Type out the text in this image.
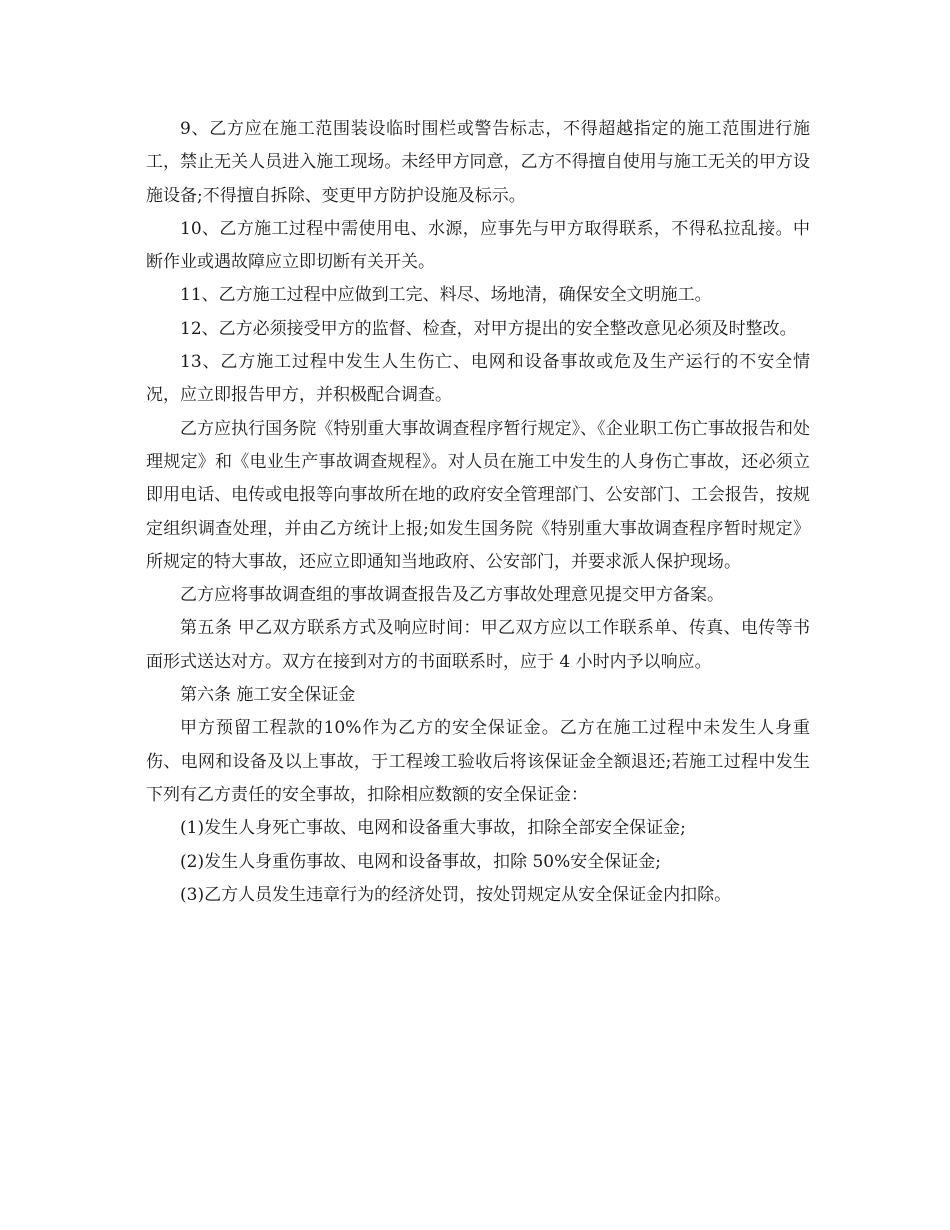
9、乙方应在施工范围装设临时围栏或警告标志，不得超越指定的施工范围进行施工，禁止无关人员进入施工现场。未经甲方同意，乙方不得擅自使用与施工无关的甲方设施设备;不得擅自拆除、变更甲方防护设施及标示。

10、乙方施工过程中需使用电、水源，应事先与甲方取得联系，不得私拉乱接。中断作业或遇故障应立即切断有关开关。

11、乙方施工过程中应做到工完、料尽、场地清，确保安全文明施工。

12、乙方必须接受甲方的监督、检查，对甲方提出的安全整改意见必须及时整改。

13、乙方施工过程中发生人生伤亡、电网和设备事故或危及生产运行的不安全情况，应立即报告甲方，并积极配合调查。

乙方应执行国务院《特别重大事故调查程序暂行规定》、《企业职工伤亡事故报告和处理规定》和《电业生产事故调查规程》。对人员在施工中发生的人身伤亡事故，还必须立即用电话、电传或电报等向事故所在地的政府安全管理部门、公安部门、工会报告，按规定组织调查处理，并由乙方统计上报;如发生国务院《特别重大事故调查程序暂时规定》所规定的特大事故，还应立即通知当地政府、公安部门，并要求派人保护现场。

乙方应将事故调查组的事故调查报告及乙方事故处理意见提交甲方备案。

第五条 甲乙双方联系方式及响应时间：甲乙双方应以工作联系单、传真、电传等书面形式送达对方。双方在接到对方的书面联系时，应于 4 小时内予以响应。

第六条 施工安全保证金

甲方预留工程款的10%作为乙方的安全保证金。乙方在施工过程中未发生人身重伤、电网和设备及以上事故，于工程竣工验收后将该保证金全额退还;若施工过程中发生下列有乙方责任的安全事故，扣除相应数额的安全保证金：

(1)发生人身死亡事故、电网和设备重大事故，扣除全部安全保证金;

(2)发生人身重伤事故、电网和设备事故，扣除 50%安全保证金;

(3)乙方人员发生违章行为的经济处罚，按处罚规定从安全保证金内扣除。
